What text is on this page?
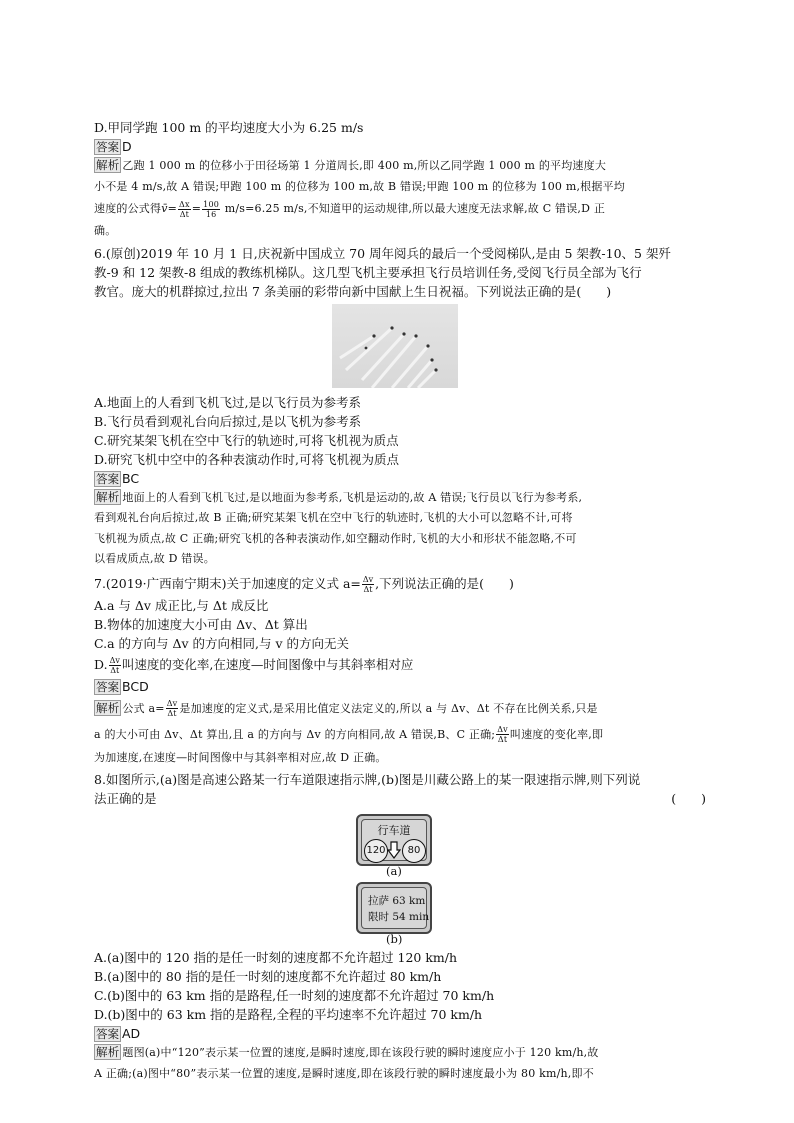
D.甲同学跑 100 m 的平均速度大小为 6.25 m/s
答案 D
解析 乙跑 1 000 m 的位移小于田径场第 1 分道周长,即 400 m,所以乙同学跑 1 000 m 的平均速度大
小不是 4 m/s,故 A 错误;甲跑 100 m 的位移为 100 m,故 B 错误;甲跑 100 m 的位移为 100 m,根据平均
速度的公式得v̄= $\frac{\Delta x}{\Delta t} = \frac{100}{16} m/s=6.25$ m/s,不知道甲的运动规律,所以最大速度无法求解,故 C 错误,D 正
确。
6.(原创)2019 年 10 月 1 日,庆祝新中国成立 70 周年阅兵的最后一个受阅梯队,是由 5 架教-10、5 架歼
教-9 和 12 架教-8 组成的教练机梯队。这几型飞机主要承担飞行员培训任务,受阅飞行员全部为飞行
教官。庞大的机群掠过,拉出 7 条美丽的彩带向新中国献上生日祝福。下列说法正确的是(　　)
A.地面上的人看到飞机飞过,是以飞行员为参考系
B.飞行员看到观礼台向后掠过,是以飞机为参考系
C.研究某架飞机在空中飞行的轨迹时,可将飞机视为质点
D.研究飞机中空中的各种表演动作时,可将飞机视为质点
答案 BC
解析 地面上的人看到飞机飞过,是以地面为参考系,飞机是运动的,故 A 错误;飞行员以飞行为参考系,
看到观礼台向后掠过,故 B 正确;研究某架飞机在空中飞行的轨迹时,飞机的大小可以忽略不计,可将
飞机视为质点,故 C 正确;研究飞机的各种表演动作,如空翻动作时,飞机的大小和形状不能忽略,不可
以看成质点,故 D 错误。
7.(2019·广西南宁期末)关于加速度的定义式 $a= \frac{\Delta v}{\Delta t}$ ,下列说法正确的是(　　)
A.a 与 Δv 成正比,与 Δt 成反比
B.物体的加速度大小可由 Δv、Δt 算出
C.a 的方向与 Δv 的方向相同,与 v 的方向无关
D. $\frac{\Delta v}{\Delta t}$ 叫速度的变化率,在速度—时间图像中与其斜率相对应
答案 BCD
解析 公式 $a= \frac{\Delta v}{\Delta t}$ 是加速度的定义式,是采用比值定义法定义的,所以 a 与 Δv、Δt 不存在比例关系,只是
a 的大小可由 Δv、Δt 算出,且 a 的方向与 Δv 的方向相同,故 A 错误,B、C 正确; $\frac{\Delta v}{\Delta t}$ 叫速度的变化率,即
为加速度,在速度—时间图像中与其斜率相对应,故 D 正确。
8.如图所示,(a)图是高速公路某一行车道限速指示牌,(b)图是川藏公路上的某一限速指示牌,则下列说
法正确的是	(　　)
行车道
120	80
(a)
拉萨 63 km
限时 54 min
(b)
A.(a)图中的 120 指的是任一时刻的速度都不允许超过 120 km/h
B.(a)图中的 80 指的是任一时刻的速度都不允许超过 80 km/h
C.(b)图中的 63 km 指的是路程,任一时刻的速度都不允许超过 70 km/h
D.(b)图中的 63 km 指的是路程,全程的平均速率不允许超过 70 km/h
答案 AD
解析 题图(a)中“120”表示某一位置的速度,是瞬时速度,即在该段行驶的瞬时速度应小于 120 km/h,故
A 正确;(a)图中“80”表示某一位置的速度,是瞬时速度,即在该段行驶的瞬时速度最小为 80 km/h,即不
